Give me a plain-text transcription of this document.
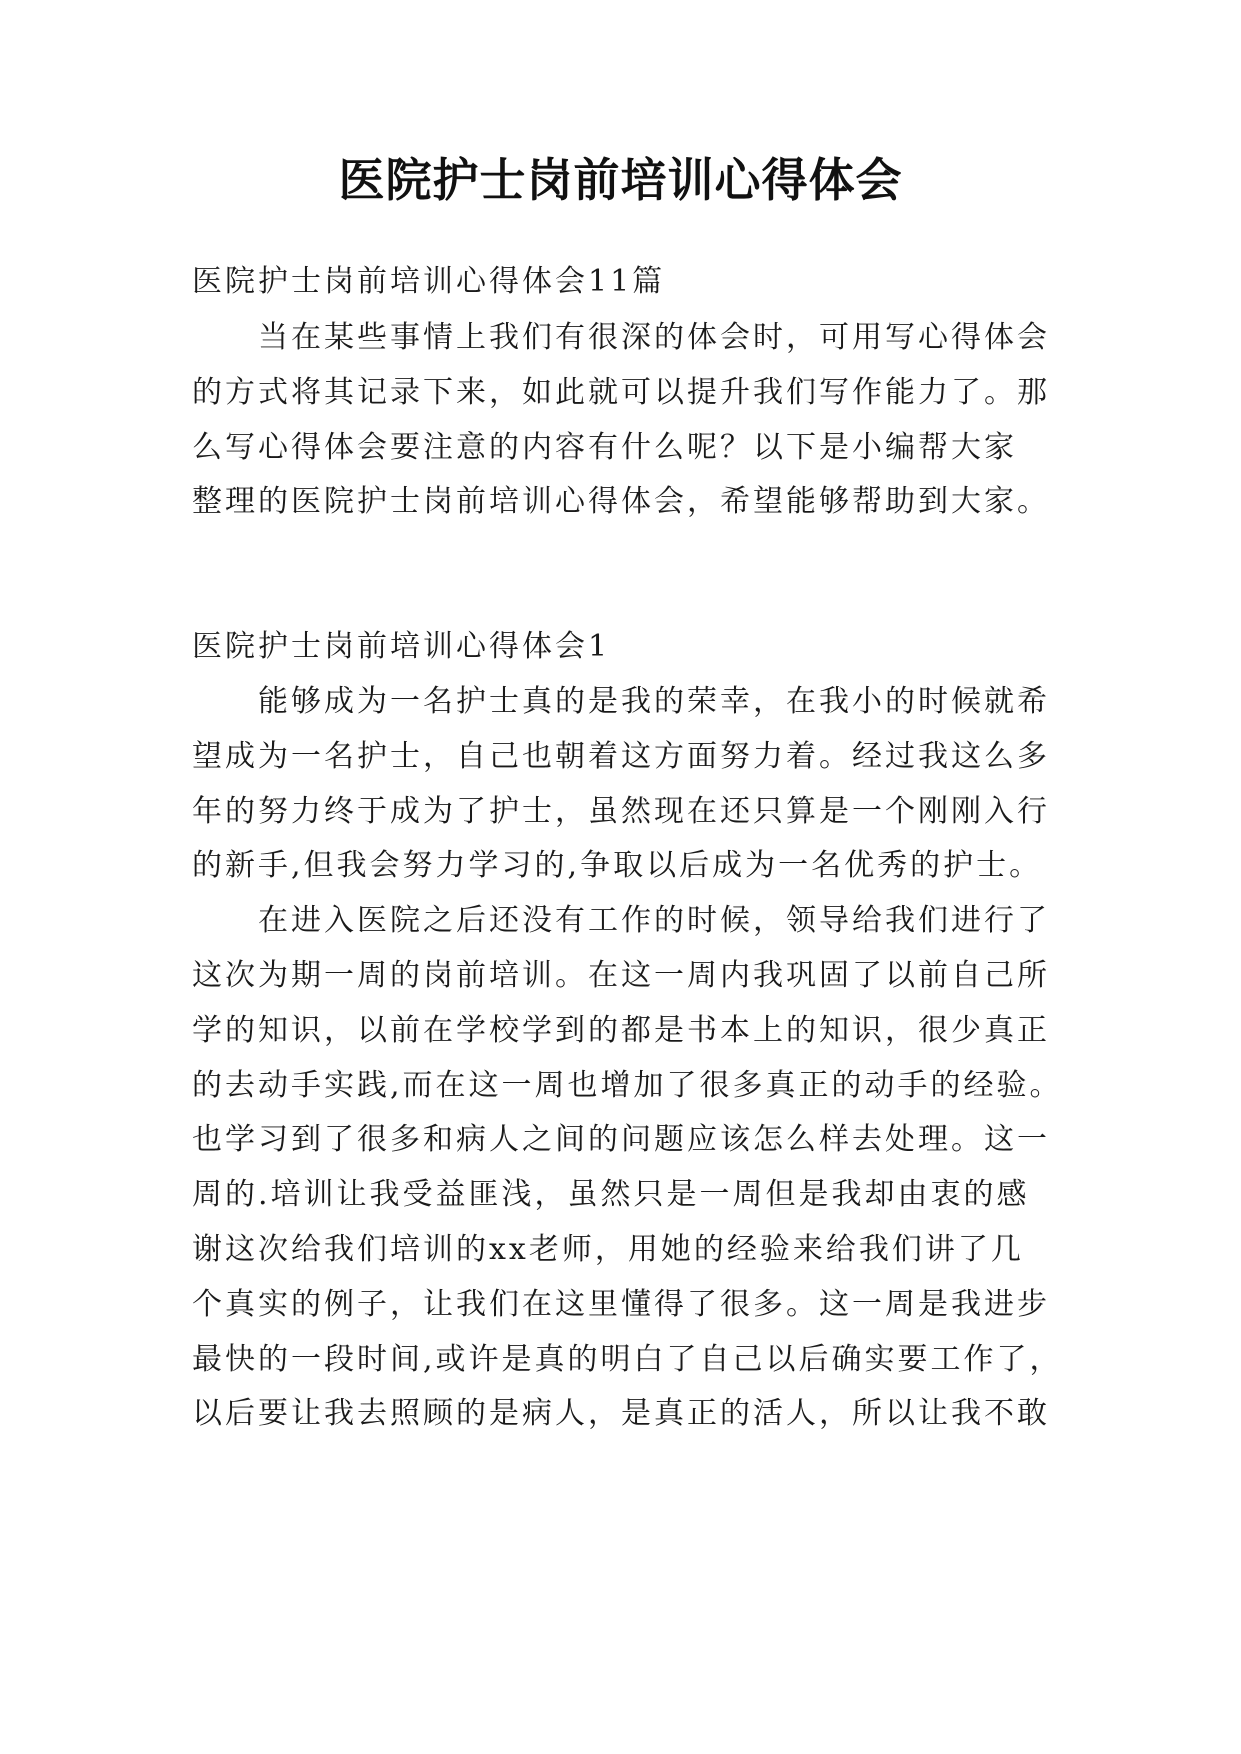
医院护士岗前培训心得体会

医院护士岗前培训心得体会11篇

当在某些事情上我们有很深的体会时，可用写心得体会

的方式将其记录下来，如此就可以提升我们写作能力了。那

么写心得体会要注意的内容有什么呢？以下是小编帮大家

整理的医院护士岗前培训心得体会，希望能够帮助到大家。

医院护士岗前培训心得体会1

能够成为一名护士真的是我的荣幸，在我小的时候就希

望成为一名护士，自己也朝着这方面努力着。经过我这么多

年的努力终于成为了护士，虽然现在还只算是一个刚刚入行

的新手,但我会努力学习的,争取以后成为一名优秀的护士。

在进入医院之后还没有工作的时候，领导给我们进行了

这次为期一周的岗前培训。在这一周内我巩固了以前自己所

学的知识，以前在学校学到的都是书本上的知识，很少真正

的去动手实践,而在这一周也增加了很多真正的动手的经验。

也学习到了很多和病人之间的问题应该怎么样去处理。这一

周的.培训让我受益匪浅，虽然只是一周但是我却由衷的感

谢这次给我们培训的xx老师，用她的经验来给我们讲了几

个真实的例子，让我们在这里懂得了很多。这一周是我进步

最快的一段时间,或许是真的明白了自己以后确实要工作了，

以后要让我去照顾的是病人，是真正的活人，所以让我不敢
